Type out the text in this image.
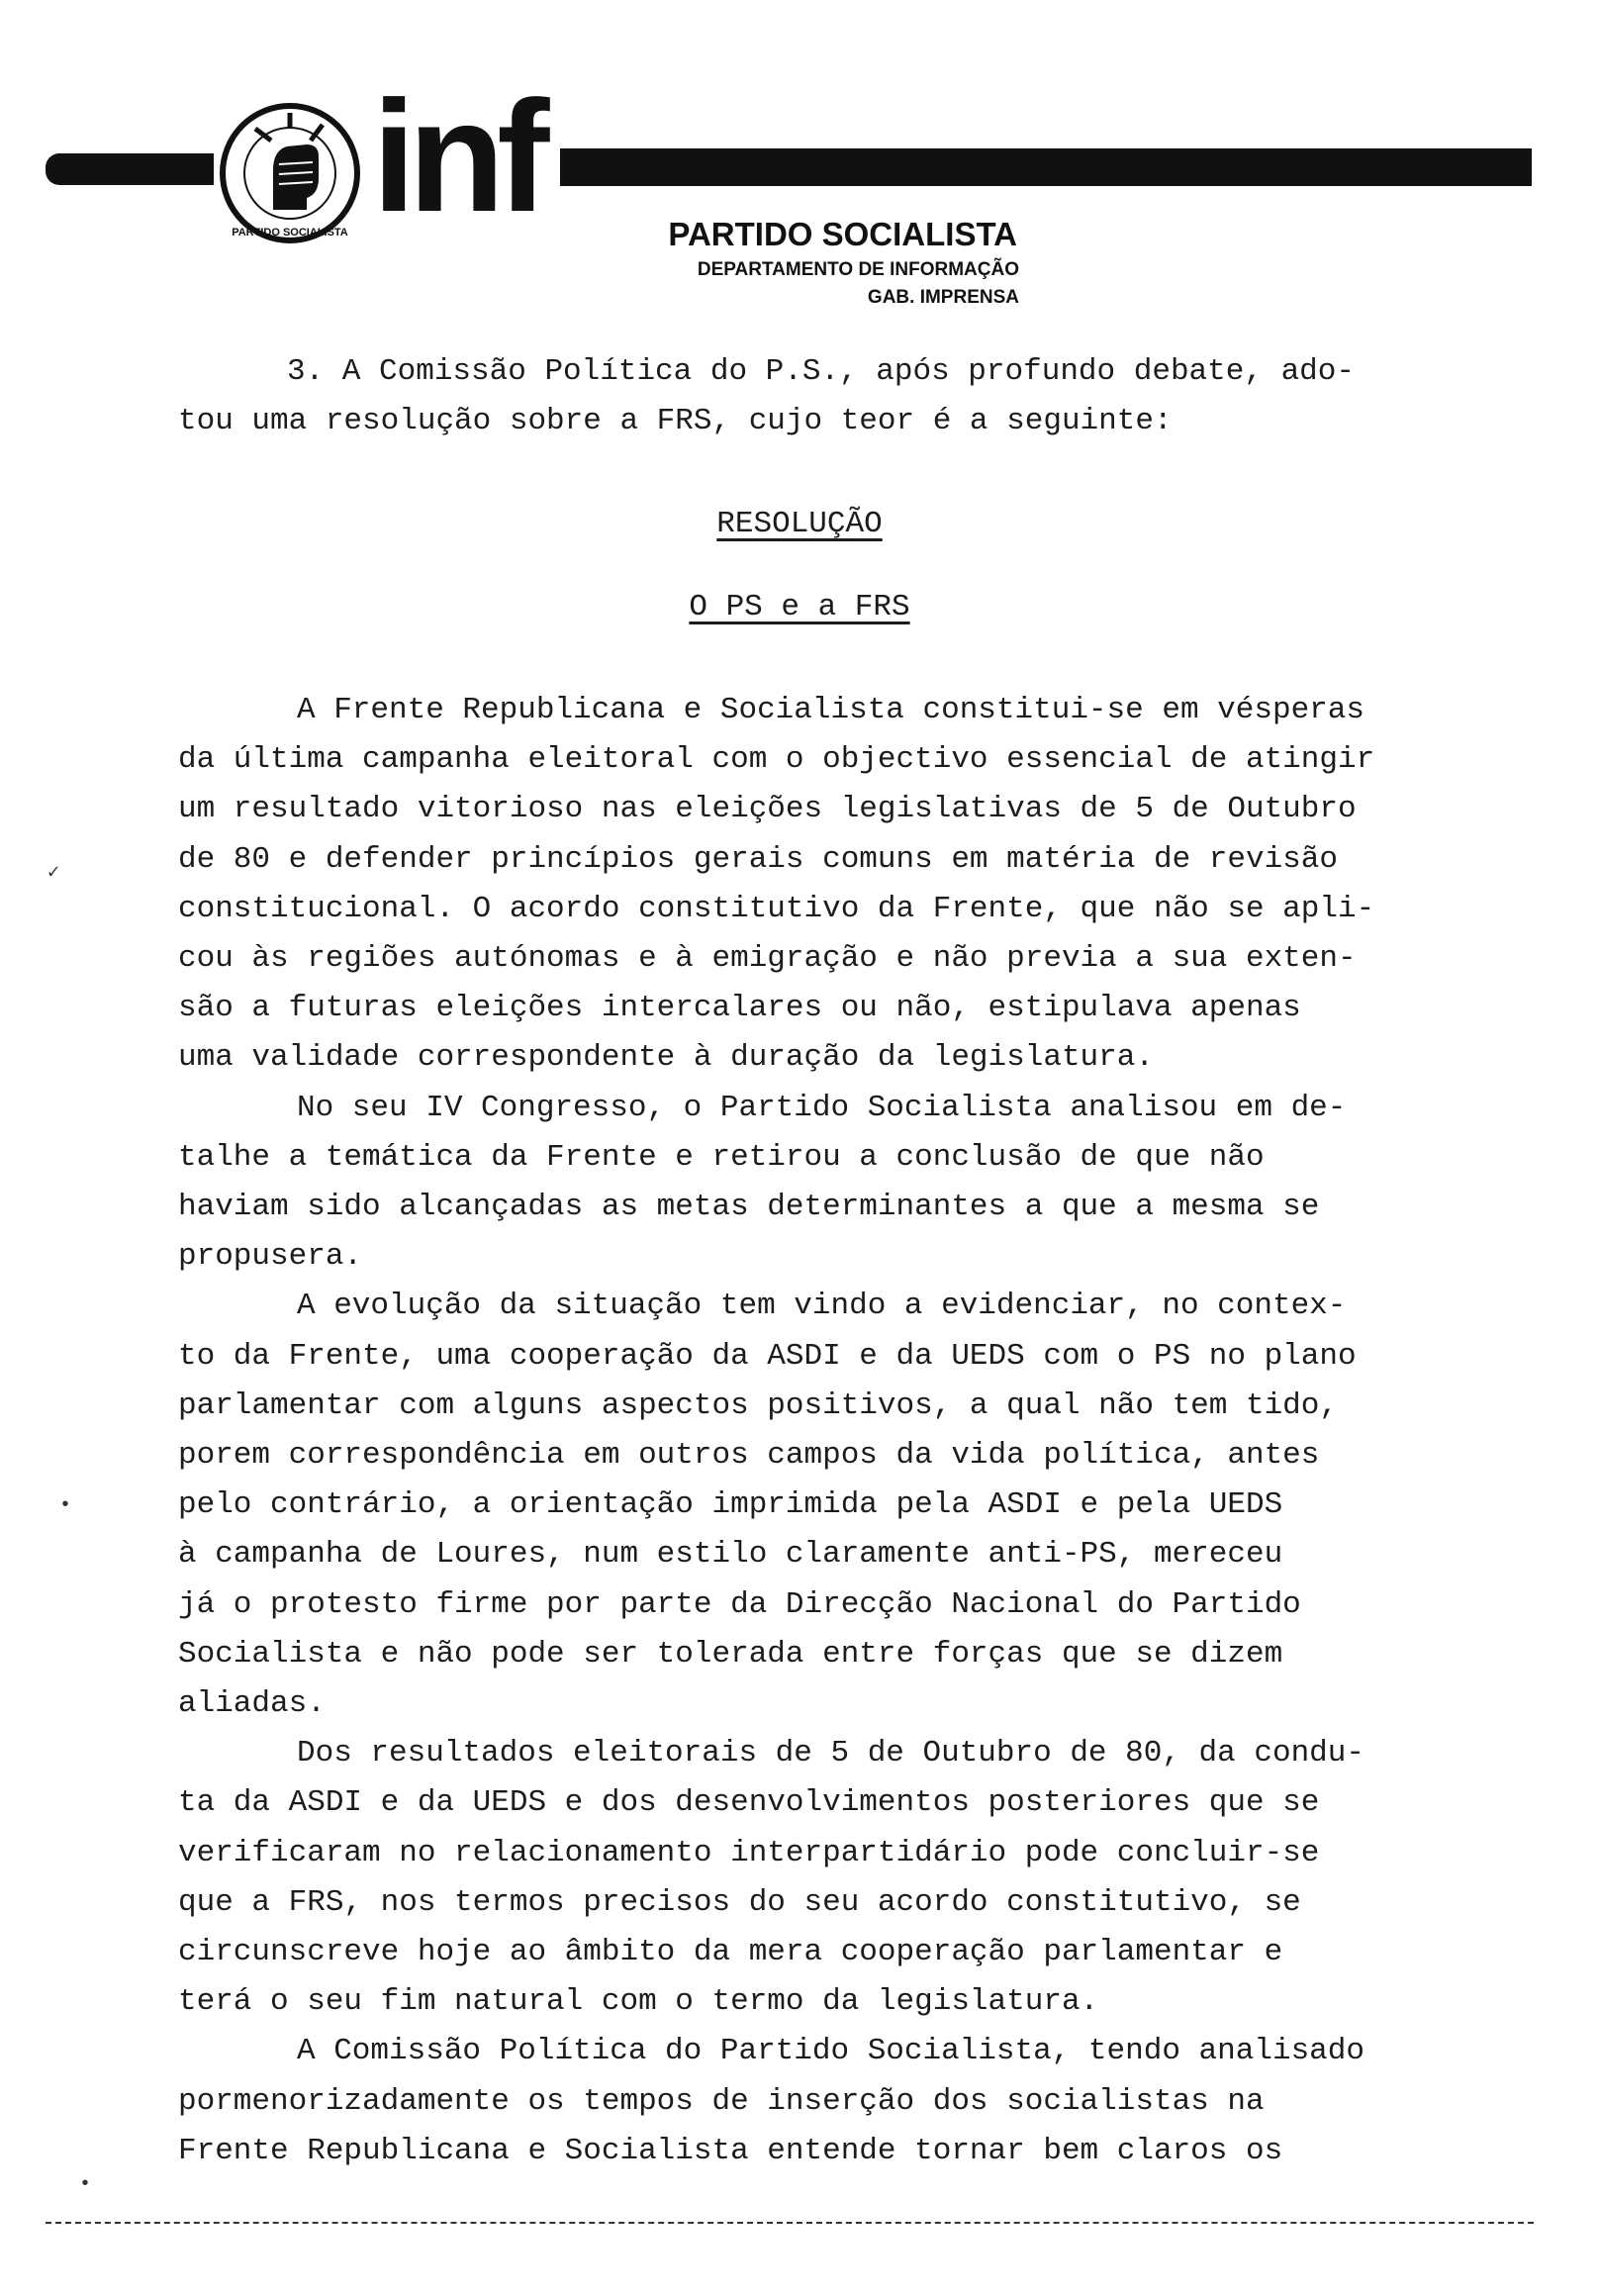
PARTIDO SOCIALISTA inf	PARTIDO SOCIALISTA
DEPARTAMENTO DE INFORMAÇÃO
GAB. IMPRENSA
3. A Comissão Política do P.S., após profundo debate, ado-
tou uma resolução sobre a FRS, cujo teor é a seguinte:
RESOLUÇÃO
O PS e a FRS
A Frente Republicana e Socialista constitui-se em vésperas
da última campanha eleitoral com o objectivo essencial de atingir
um resultado vitorioso nas eleições legislativas de 5 de Outubro
de 80 e defender princípios gerais comuns em matéria de revisão
constitucional. O acordo constitutivo da Frente, que não se apli-
cou às regiões autónomas e à emigração e não previa a sua exten-
são a futuras eleições intercalares ou não, estipulava apenas
uma validade correspondente à duração da legislatura.
No seu IV Congresso, o Partido Socialista analisou em de-
talhe a temática da Frente e retirou a conclusão de que não
haviam sido alcançadas as metas determinantes a que a mesma se
propusera.
A evolução da situação tem vindo a evidenciar, no contex-
to da Frente, uma cooperação da ASDI e da UEDS com o PS no plano
parlamentar com alguns aspectos positivos, a qual não tem tido,
porem correspondência em outros campos da vida política, antes
pelo contrário, a orientação imprimida pela ASDI e pela UEDS
à campanha de Loures, num estilo claramente anti-PS, mereceu
já o protesto firme por parte da Direcção Nacional do Partido
Socialista e não pode ser tolerada entre forças que se dizem
aliadas.
Dos resultados eleitorais de 5 de Outubro de 80, da condu-
ta da ASDI e da UEDS e dos desenvolvimentos posteriores que se
verificaram no relacionamento interpartidário pode concluir-se
que a FRS, nos termos precisos do seu acordo constitutivo, se
circunscreve hoje ao âmbito da mera cooperação parlamentar e
terá o seu fim natural com o termo da legislatura.
A Comissão Política do Partido Socialista, tendo analisado
pormenorizadamente os tempos de inserção dos socialistas na
Frente Republicana e Socialista entende tornar bem claros os
✓
•
•
